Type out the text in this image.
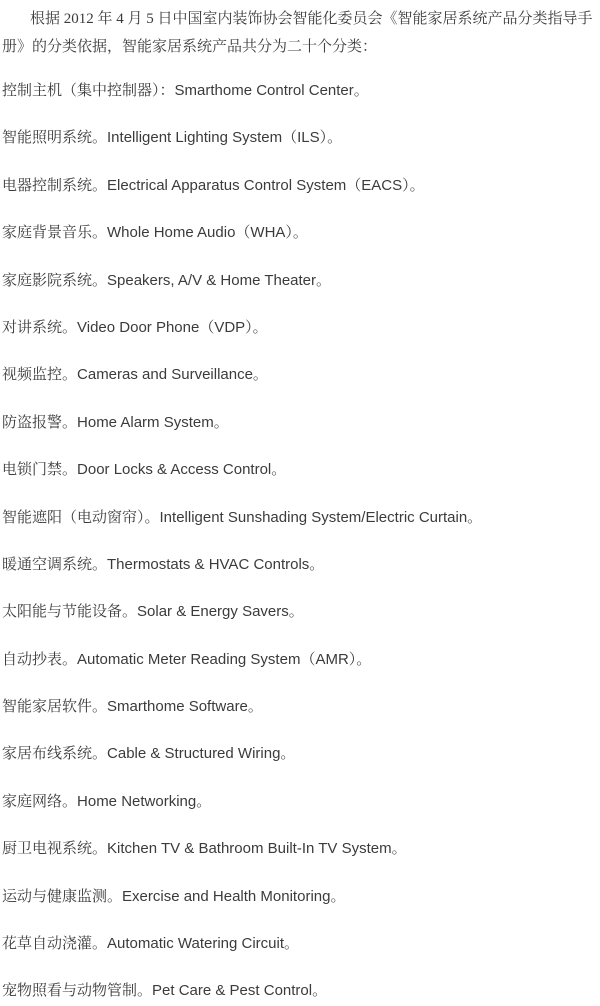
根据 2012 年 4 月 5 日中国室内装饰协会智能化委员会《智能家居系统产品分类指导手
册》的分类依据，智能家居系统产品共分为二十个分类：

控制主机（集中控制器）：Smarthome Control Center。
智能照明系统。Intelligent Lighting System（ILS）。
电器控制系统。Electrical Apparatus Control System（EACS）。
家庭背景音乐。Whole Home Audio（WHA）。
家庭影院系统。Speakers, A/V & Home Theater。
对讲系统。Video Door Phone（VDP）。
视频监控。Cameras and Surveillance。
防盗报警。Home Alarm System。
电锁门禁。Door Locks & Access Control。
智能遮阳（电动窗帘）。Intelligent Sunshading System/Electric Curtain。
暖通空调系统。Thermostats & HVAC Controls。
太阳能与节能设备。Solar & Energy Savers。
自动抄表。Automatic Meter Reading System（AMR）。
智能家居软件。Smarthome Software。
家居布线系统。Cable & Structured Wiring。
家庭网络。Home Networking。
厨卫电视系统。Kitchen TV & Bathroom Built-In TV System。
运动与健康监测。Exercise and Health Monitoring。
花草自动浇灌。Automatic Watering Circuit。
宠物照看与动物管制。Pet Care & Pest Control。
